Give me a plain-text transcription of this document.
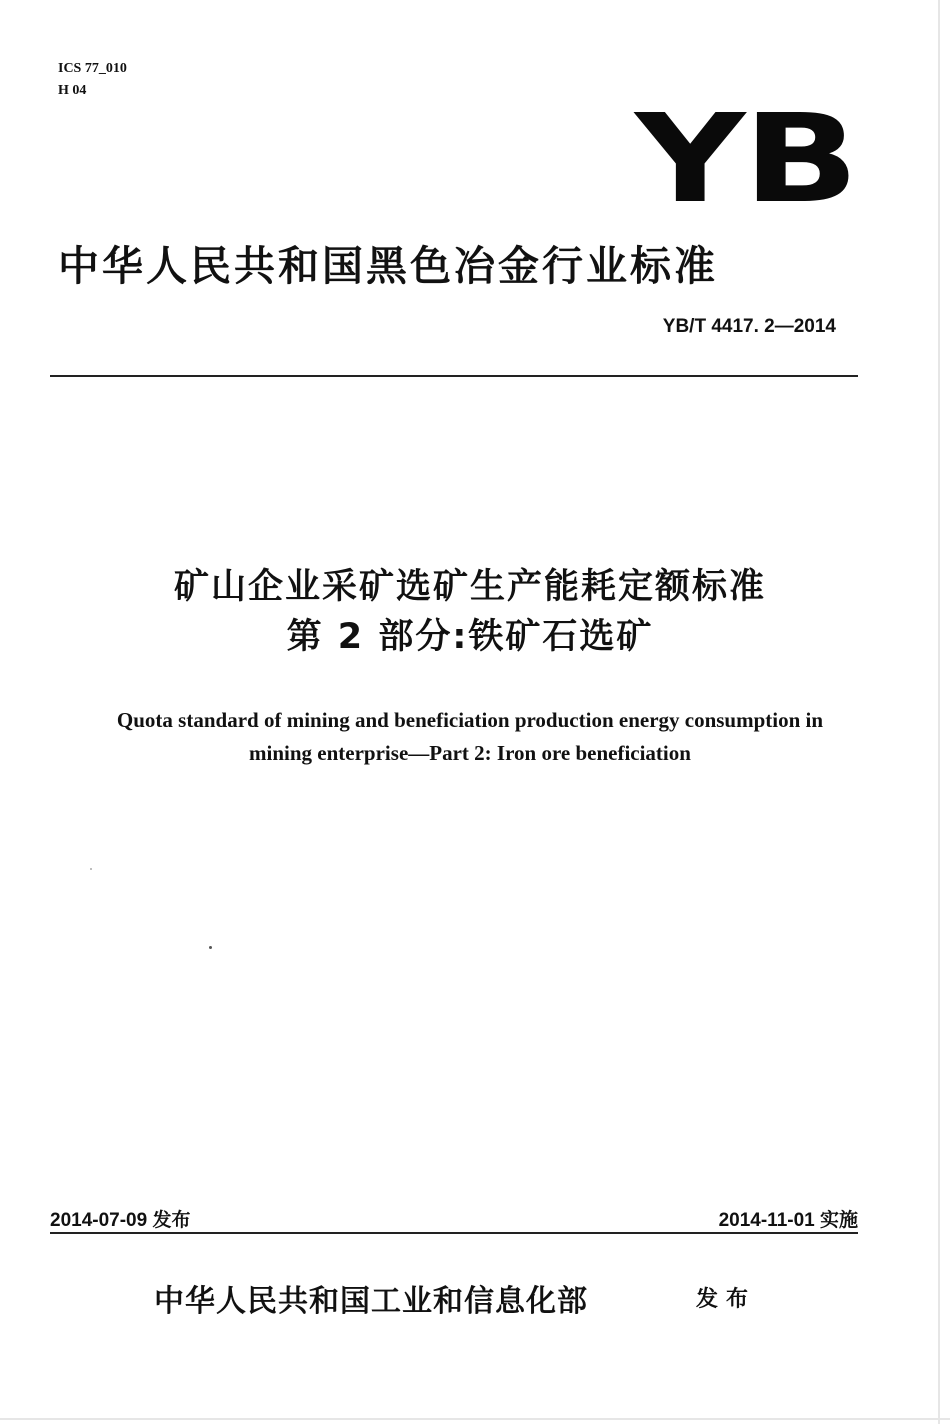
ICS 77_010
H 04	YB
中华人民共和国黑色冶金行业标准
YB/T 4417. 2—2014
矿山企业采矿选矿生产能耗定额标准
第 2 部分:铁矿石选矿
Quota standard of mining and beneficiation production energy consumption in
mining enterprise—Part 2: Iron ore beneficiation
2014-07-09 发布	2014-11-01 实施
中华人民共和国工业和信息化部	发布
